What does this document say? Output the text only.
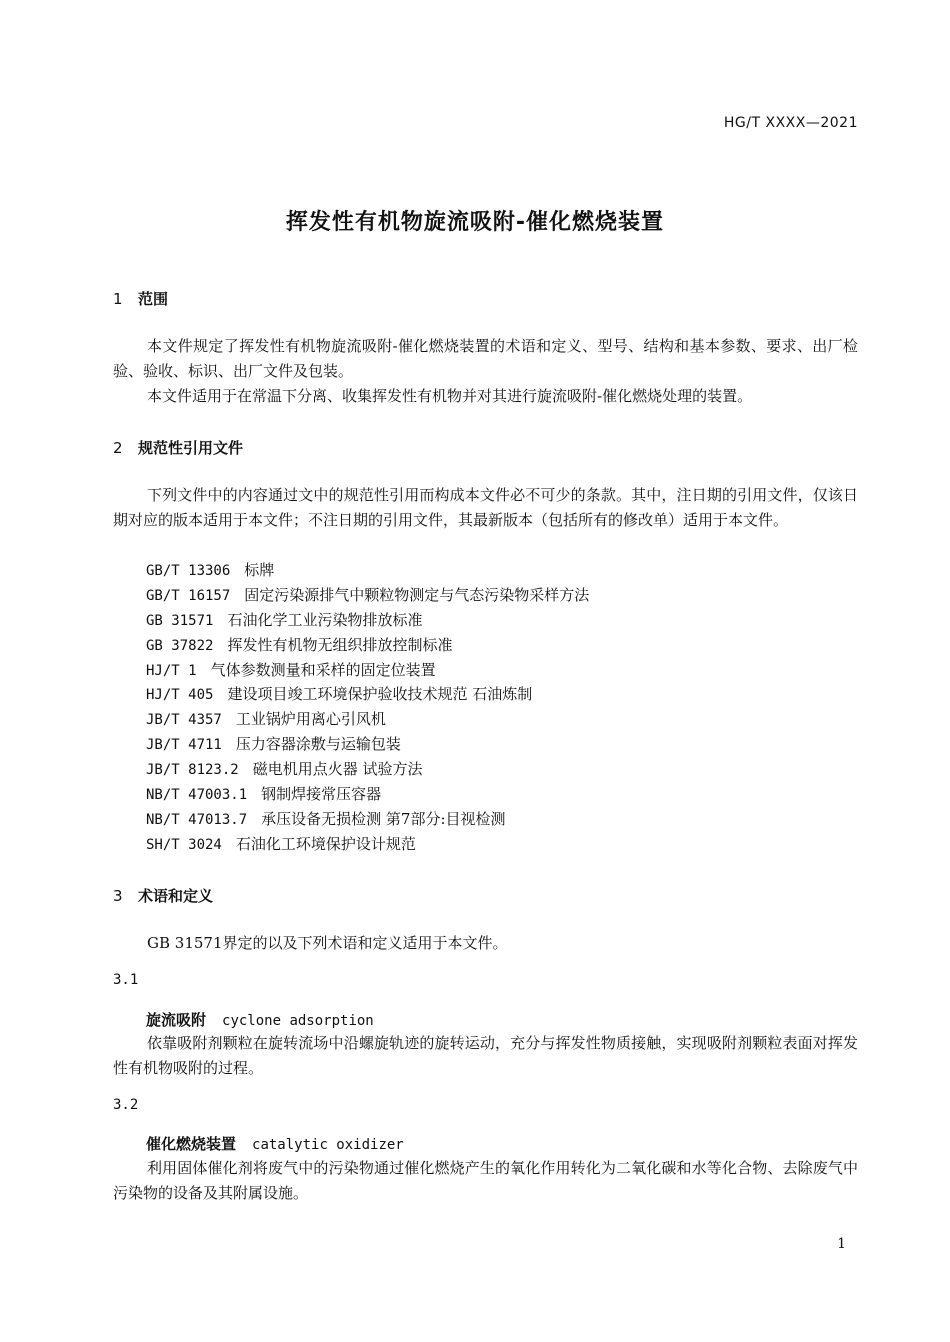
HG/T XXXX—2021
挥发性有机物旋流吸附-催化燃烧装置
1 范围
本文件规定了挥发性有机物旋流吸附-催化燃烧装置的术语和定义、型号、结构和基本参数、要求、出厂检验、验收、标识、出厂文件及包装。
本文件适用于在常温下分离、收集挥发性有机物并对其进行旋流吸附-催化燃烧处理的装置。
2 规范性引用文件
下列文件中的内容通过文中的规范性引用而构成本文件必不可少的条款。其中，注日期的引用文件，仅该日期对应的版本适用于本文件；不注日期的引用文件，其最新版本（包括所有的修改单）适用于本文件。
GB/T 13306 标牌
GB/T 16157 固定污染源排气中颗粒物测定与气态污染物采样方法
GB 31571 石油化学工业污染物排放标准
GB 37822 挥发性有机物无组织排放控制标准
HJ/T 1 气体参数测量和采样的固定位装置
HJ/T 405 建设项目竣工环境保护验收技术规范 石油炼制
JB/T 4357 工业锅炉用离心引风机
JB/T 4711 压力容器涂敷与运输包装
JB/T 8123.2 磁电机用点火器 试验方法
NB/T 47003.1 钢制焊接常压容器
NB/T 47013.7 承压设备无损检测 第7部分:目视检测
SH/T 3024 石油化工环境保护设计规范
3 术语和定义
GB 31571界定的以及下列术语和定义适用于本文件。
3.1
旋流吸附 cyclone adsorption
依靠吸附剂颗粒在旋转流场中沿螺旋轨迹的旋转运动，充分与挥发性物质接触，实现吸附剂颗粒表面对挥发性有机物吸附的过程。
3.2
催化燃烧装置 catalytic oxidizer
利用固体催化剂将废气中的污染物通过催化燃烧产生的氧化作用转化为二氧化碳和水等化合物、去除废气中污染物的设备及其附属设施。
1
